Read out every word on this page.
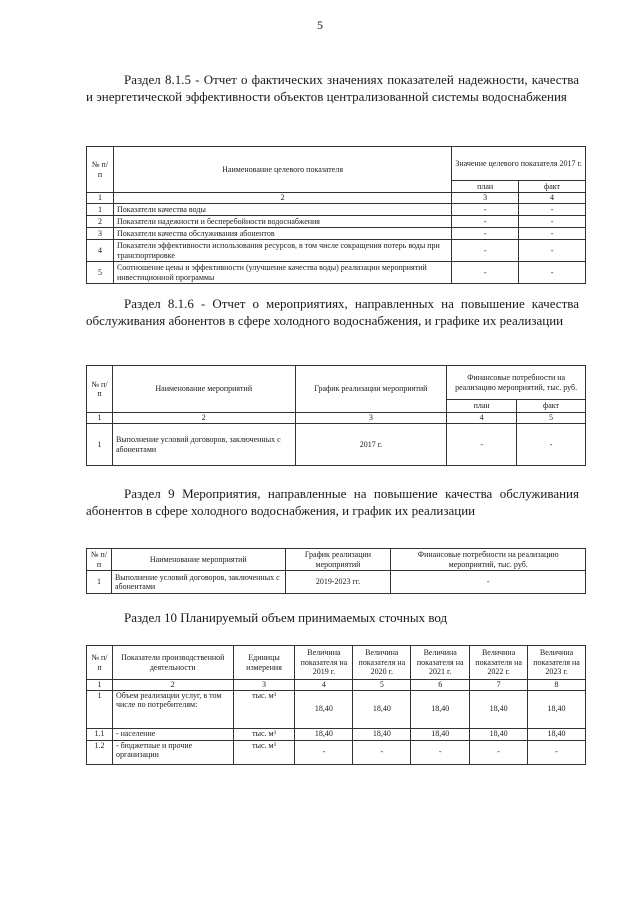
5
Раздел 8.1.5 - Отчет о фактических значениях показателей надежности, качества и энергетической эффективности объектов централизованной системы водоснабжения
№ п/п	Наименование целевого показателя	Значение целевого показателя 2017 г.	
		план	факт
1	2	3	4
1	Показатели качества воды	-	-
2	Показатели надежности и бесперебойности водоснабжения	-	-
3	Показатели качества обслуживания абонентов	-	-
4	Показатели эффективности использования ресурсов, в том числе сокращения потерь воды при транспортировке	-	-
5	Соотношение цены и эффективности (улучшение качества воды) реализации мероприятий инвестиционной программы	-	-
Раздел 8.1.6 - Отчет о мероприятиях, направленных на повышение качества обслуживания абонентов в сфере холодного водоснабжения, и графике их реализации
№ п/п	Наименование мероприятий	График реализации мероприятий	Финансовые потребности на реализацию мероприятий, тыс. руб.	
			план	факт
1	2	3	4	5
1	Выполнение условий договоров, заключенных с абонентами	2017 г.	-	-
Раздел 9 Мероприятия, направленные на повышение качества обслуживания абонентов в сфере холодного водоснабжения, и график их реализации
№ п/п	Наименование мероприятий	График реализации мероприятий	Финансовые потребности на реализацию мероприятий, тыс. руб.
1	Выполнение условий договоров, заключенных с абонентами	2019-2023 гг.	-
Раздел 10 Планируемый объем принимаемых сточных вод
№ п/п	Показатели производственной деятельности	Единицы измерения	Величина показателя на 2019 г.	Величина показателя на 2020 г.	Величина показателя на 2021 г.	Величина показателя на 2022 г.	Величина показателя на 2023 г.
1	2	3	4	5	6	7	8
1	Объем реализации услуг, в том числе по потребителям:	тыс. м³	18,40	18,40	18,40	18,40	18,40
1.1	- население	тыс. м³	18,40	18,40	18,40	18,40	18,40
1.2	- бюджетные и прочие организации	тыс. м³	-	-	-	-	-
